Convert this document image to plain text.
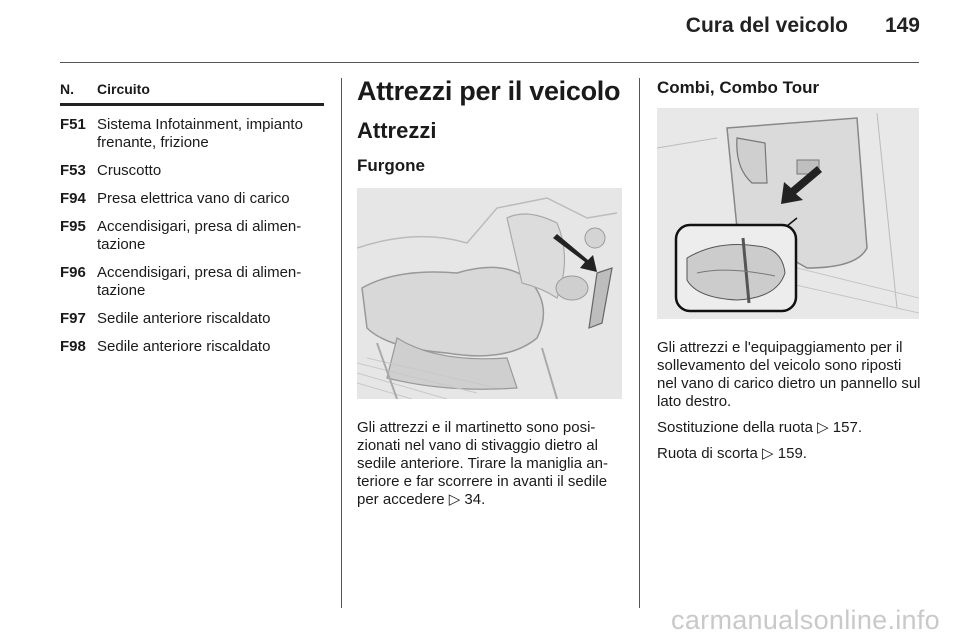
Cura del veicolo 149
N.	Circuito
F51 Sistema Infotainment, impianto frenante, frizione
F53 Cruscotto
F94 Presa elettrica vano di carico
F95 Accendisigari, presa di alimen-tazione
F96 Accendisigari, presa di alimen-tazione
F97 Sedile anteriore riscaldato
F98 Sedile anteriore riscaldato
Attrezzi per il veicolo
Attrezzi
Furgone
Gli attrezzi e il martinetto sono posi-zionati nel vano di stivaggio dietro al sedile anteriore. Tirare la maniglia an-teriore e far scorrere in avanti il sedile per accedere ▷ 34.
Combi, Combo Tour
Gli attrezzi e l'equipaggiamento per il sollevamento del veicolo sono riposti nel vano di carico dietro un pannello sul lato destro.
Sostituzione della ruota ▷ 157.
Ruota di scorta ▷ 159.
carmanualsonline.info
